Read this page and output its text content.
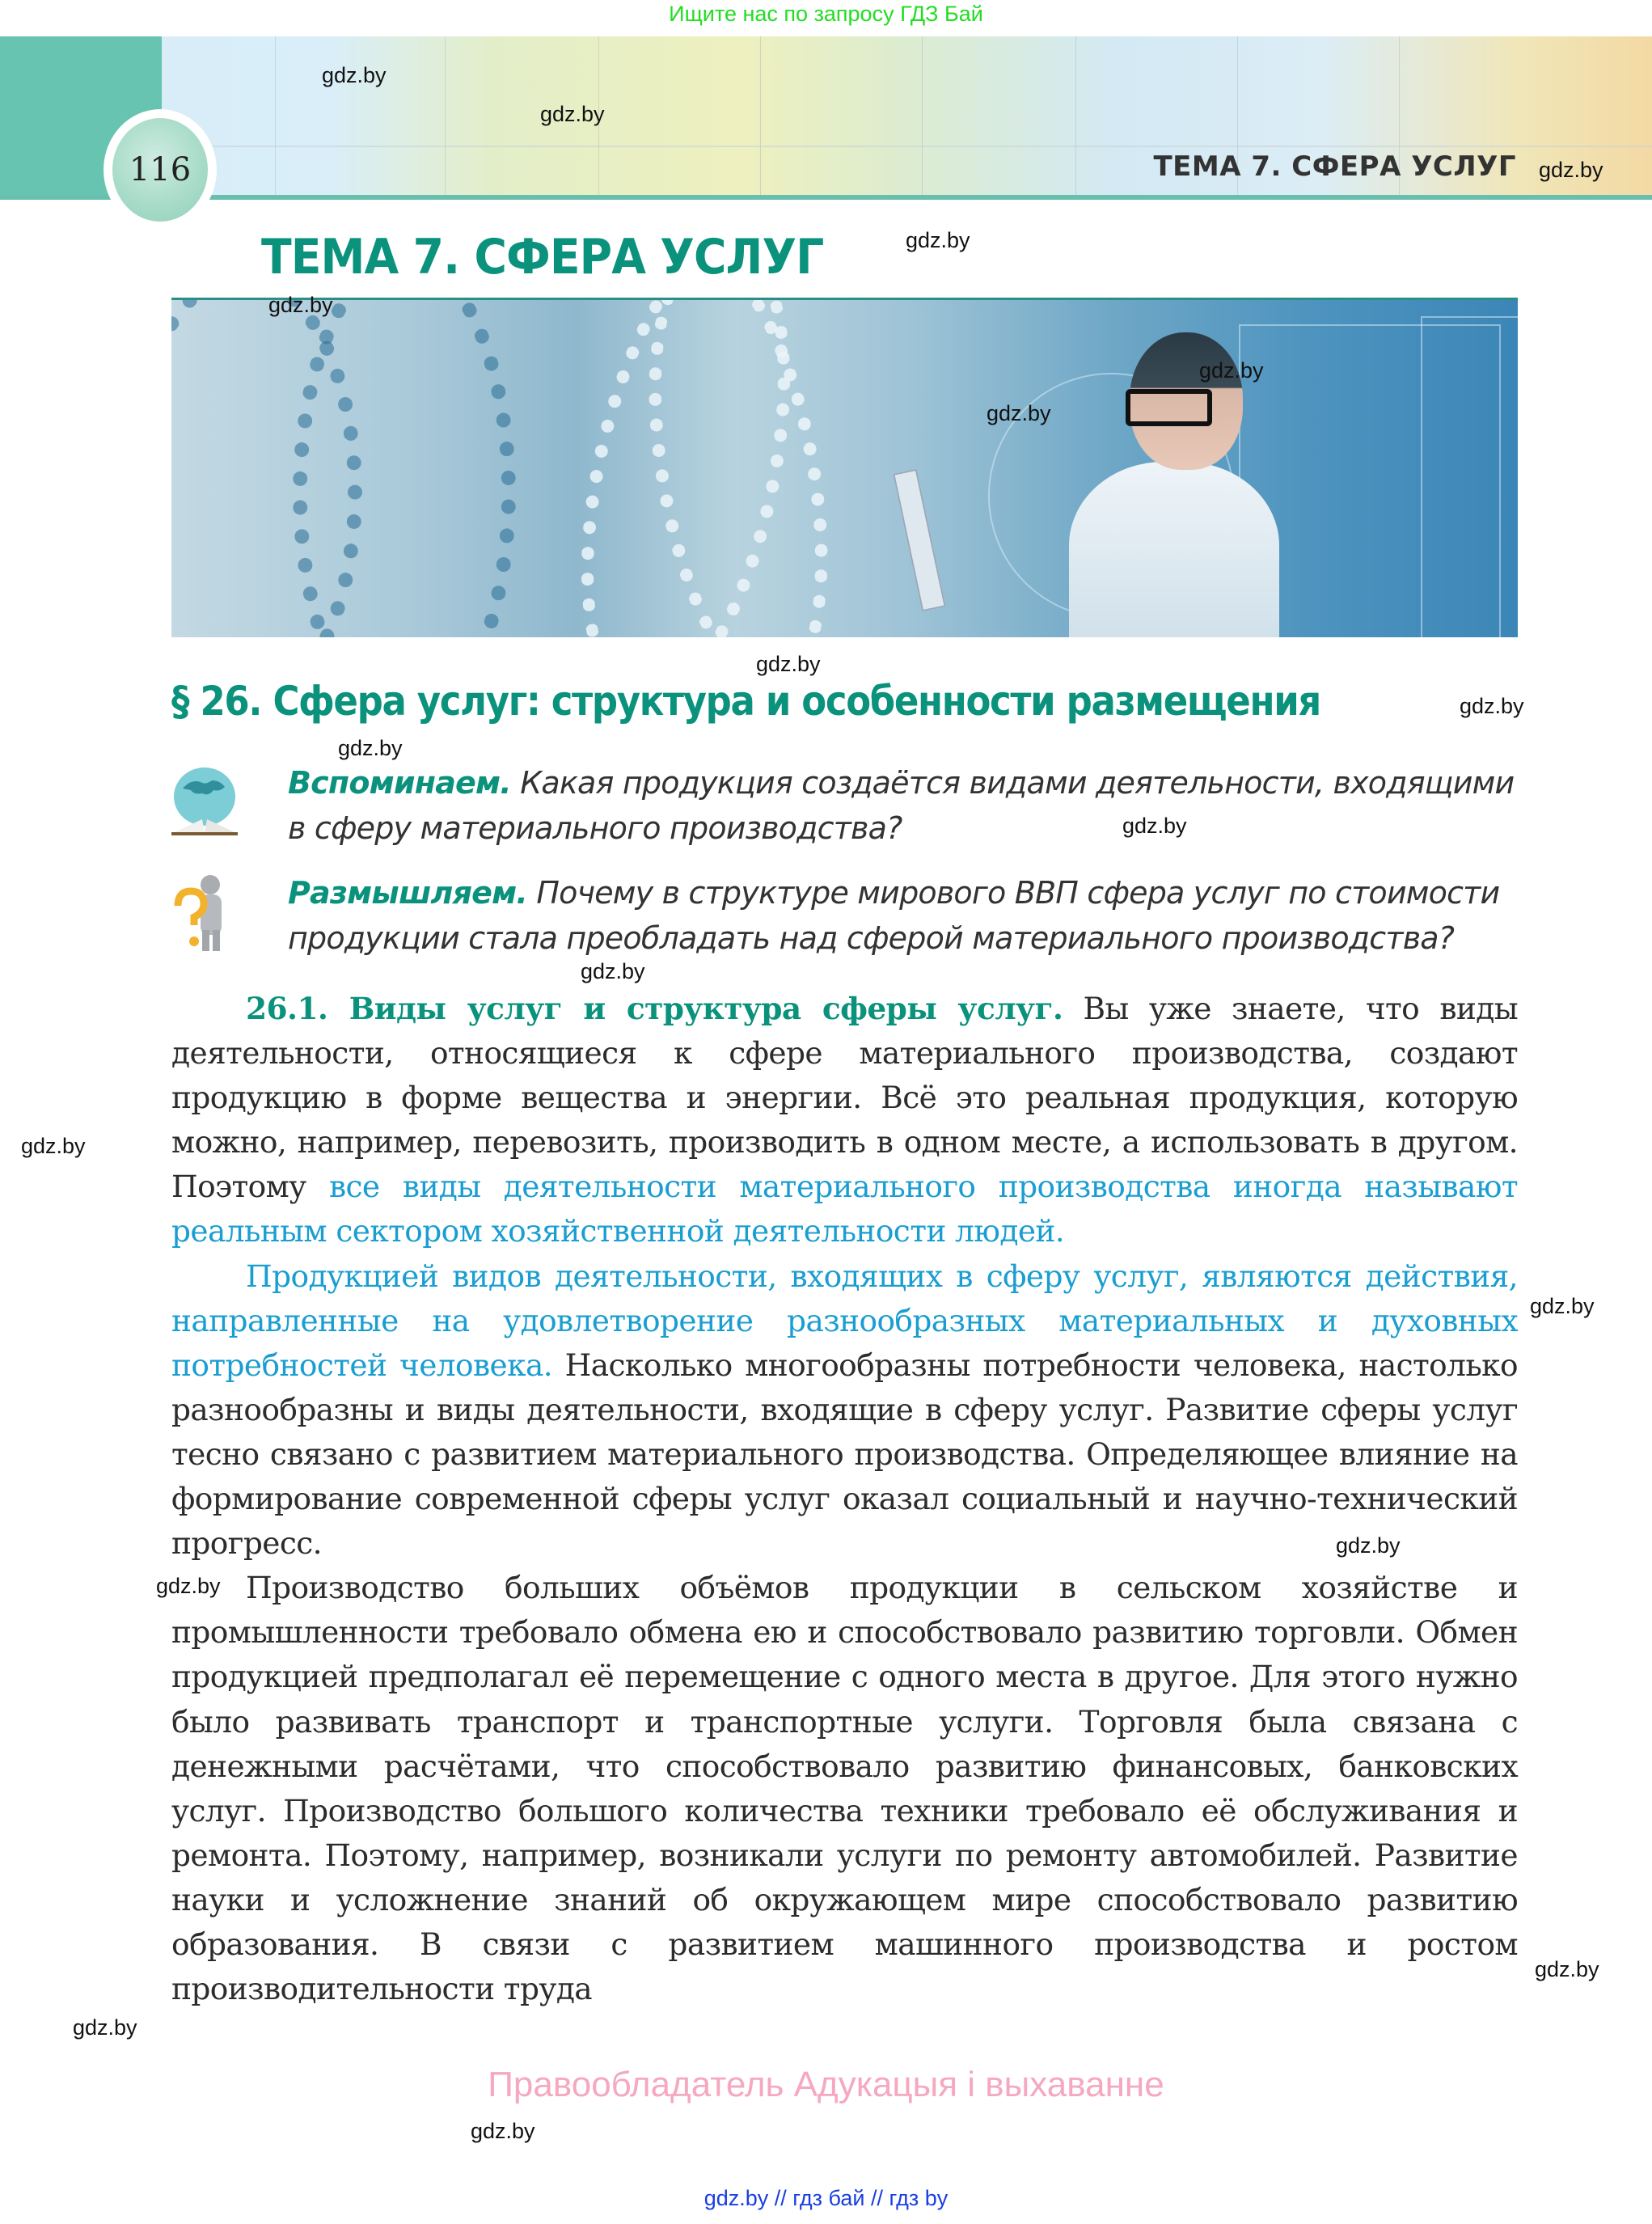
Ищите нас по запросу ГДЗ Бай
116	ТЕМА 7. СФЕРА УСЛУГ
ТЕМА 7. СФЕРА УСЛУГ
§ 26. Сфера услуг: структура и особенности размещения
Вспоминаем. Какая продукция создаётся видами деятельности, входящими
в сферу материального производства?
Размышляем. Почему в структуре мирового ВВП сфера услуг по стоимости
продукции стала преобладать над сферой материального производства?

26.1. Виды услуг и структура сферы услуг. Вы уже знаете, что виды деятельности, относящиеся к сфере материального производства, создают продукцию в форме вещества и энергии. Всё это реальная продукция, которую можно, например, перевозить, производить в одном месте, а использовать в другом. Поэтому все виды деятельности материального производства иногда называют реальным сектором хозяйственной деятельности людей.

Продукцией видов деятельности, входящих в сферу услуг, являются действия, направленные на удовлетворение разнообразных материальных и духовных потребностей человека. Насколько многообразны потребности человека, настолько разнообразны и виды деятельности, входящие в сферу услуг. Развитие сферы услуг тесно связано с развитием материального производства. Определяющее влияние на формирование современной сферы услуг оказал социальный и научно-технический прогресс.

Производство больших объёмов продукции в сельском хозяйстве и промышленности требовало обмена ею и способствовало развитию торговли. Обмен продукцией предполагал её перемещение с одного места в другое. Для этого нужно было развивать транспорт и транспортные услуги. Торговля была связана с денежными расчётами, что способствовало развитию финансовых, банковских услуг. Производство большого количества техники требовало её обслуживания и ремонта. Поэтому, например, возникали услуги по ремонту автомобилей. Развитие науки и усложнение знаний об окружающем мире способствовало развитию образования. В связи с развитием машинного производства и ростом производительности труда

gdz.by
gdz.by
gdz.by
gdz.by
gdz.by
gdz.by
gdz.by
gdz.by
gdz.by
gdz.by
gdz.by
gdz.by
gdz.by
gdz.by
gdz.by
gdz.by
gdz.by
gdz.by
gdz.by
Правообладатель Адукацыя і выхаванне
gdz.by // гдз бай // гдз by
